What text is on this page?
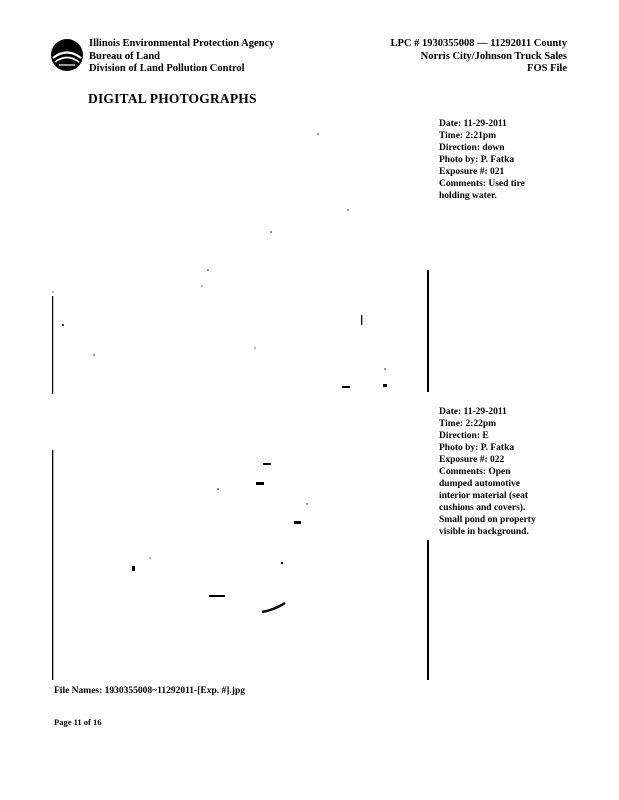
Illinois Environmental Protection Agency
Bureau of Land
Division of Land Pollution Control
LPC # 1930355008 — 11292011 County
Norris City/Johnson Truck Sales
FOS File
DIGITAL PHOTOGRAPHS
Date: 11-29-2011
Time: 2:21pm
Direction: down
Photo by: P. Fatka
Exposure #: 021
Comments: Used tire
holding water.
Date: 11-29-2011
Time: 2:22pm
Direction: E
Photo by: P. Fatka
Exposure #: 022
Comments: Open
dumped automotive
interior material (seat
cushions and covers).
Small pond on property
visible in background.
File Names: 1930355008~11292011-[Exp. #].jpg
Page 11 of 16
